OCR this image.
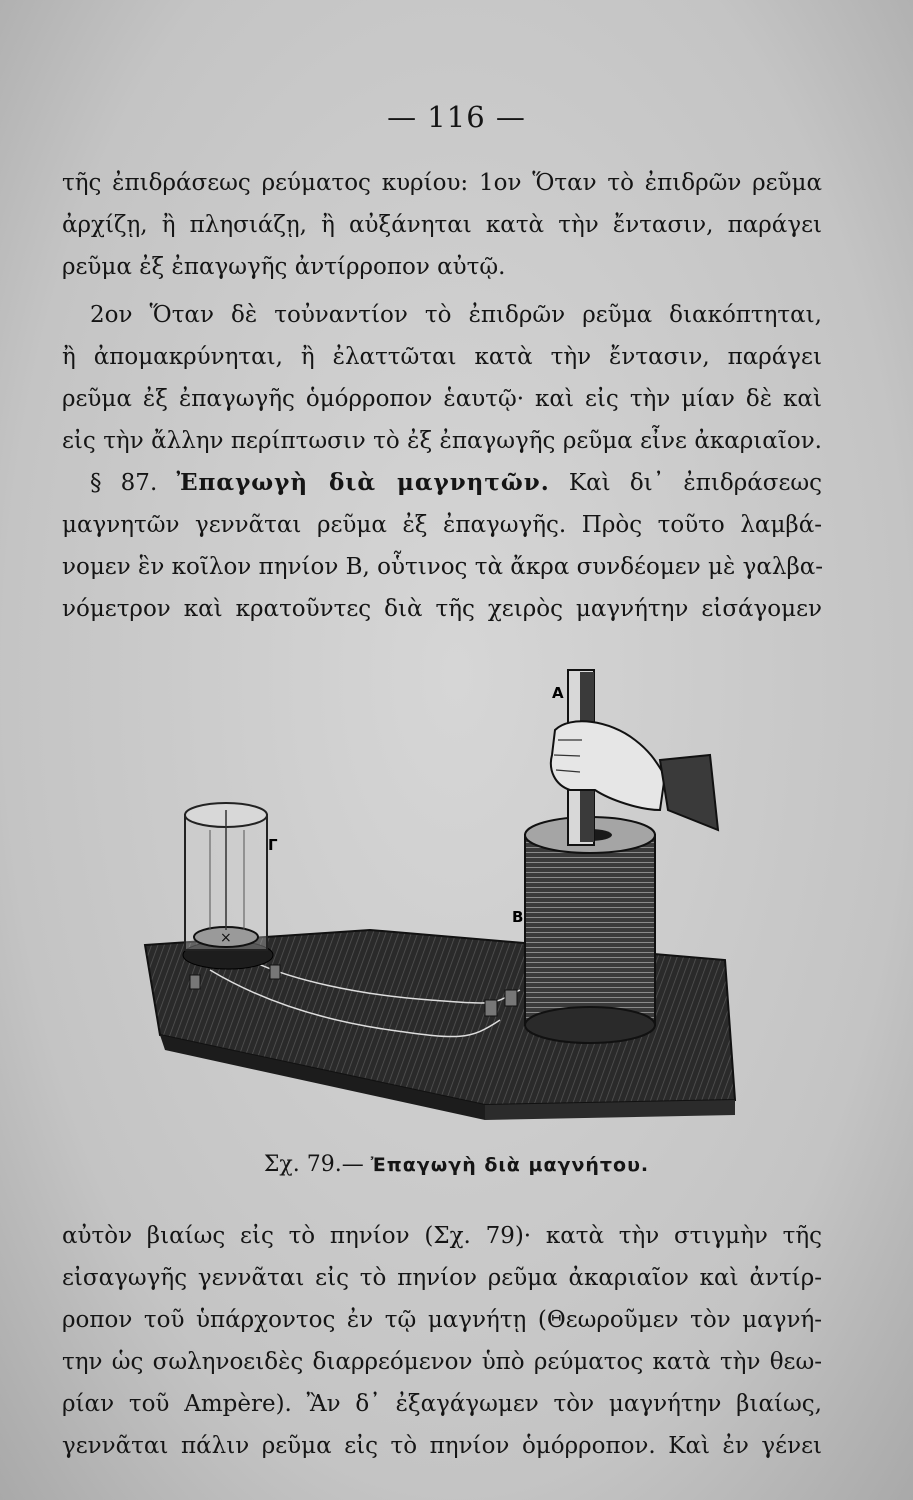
— 116 —
τῆς ἐπιδράσεως ρεύματος κυρίου: 1ον Ὅταν τὸ ἐπιδρῶν ρεῦμα
ἀρχίζῃ, ἢ πλησιάζῃ, ἢ αὐξάνηται κατὰ τὴν ἔντασιν, παράγει
ρεῦμα ἐξ ἐπαγωγῆς ἀντίρροπον αὐτῷ.
2ον Ὅταν δὲ τοὐναντίον τὸ ἐπιδρῶν ρεῦμα διακόπτηται,
ἢ ἀπομακρύνηται, ἢ ἐλαττῶται κατὰ τὴν ἔντασιν, παράγει
ρεῦμα ἐξ ἐπαγωγῆς ὁμόρροπον ἑαυτῷ· καὶ εἰς τὴν μίαν δὲ καὶ
εἰς τὴν ἄλλην περίπτωσιν τὸ ἐξ ἐπαγωγῆς ρεῦμα εἶνε ἀκαριαῖον.
§ 87. Ἐπαγωγὴ διὰ μαγνητῶν. Καὶ δι᾽ ἐπιδράσεως
μαγνητῶν γεννᾶται ρεῦμα ἐξ ἐπαγωγῆς. Πρὸς τοῦτο λαμβά-
νομεν ἓν κοῖλον πηνίον Β, οὗτινος τὰ ἄκρα συνδέομεν μὲ γαλβα-
νόμετρον καὶ κρατοῦντες διὰ τῆς χειρὸς μαγνήτην εἰσάγομεν
×
Γ
Β
Α
Σχ. 79.— Ἐπαγωγὴ διὰ μαγνήτου.
αὐτὸν βιαίως εἰς τὸ πηνίον (Σχ. 79)· κατὰ τὴν στιγμὴν τῆς
εἰσαγωγῆς γεννᾶται εἰς τὸ πηνίον ρεῦμα ἀκαριαῖον καὶ ἀντίρ-
ροπον τοῦ ὑπάρχοντος ἐν τῷ μαγνήτῃ (Θεωροῦμεν τὸν μαγνή-
την ὡς σωληνοειδὲς διαρρεόμενον ὑπὸ ρεύματος κατὰ τὴν θεω-
ρίαν τοῦ Ampère). Ἂν δ᾽ ἐξαγάγωμεν τὸν μαγνήτην βιαίως,
γεννᾶται πάλιν ρεῦμα εἰς τὸ πηνίον ὁμόρροπον. Καὶ ἐν γένει
